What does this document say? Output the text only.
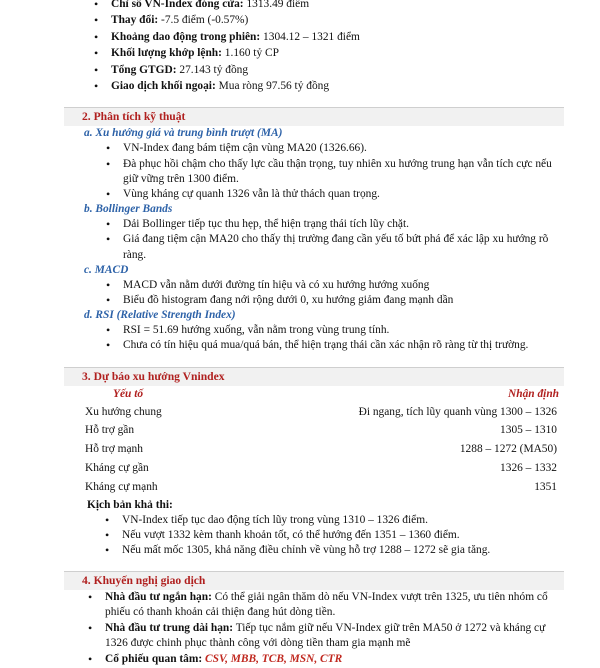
• Chỉ số VN-Index đóng cửa: 1313.49 điểm
• Thay đổi: -7.5 điểm (-0.57%)
• Khoảng dao động trong phiên: 1304.12 – 1321 điểm
• Khối lượng khớp lệnh: 1.160 tỷ CP
• Tổng GTGD: 27.143 tỷ đồng
• Giao dịch khối ngoại: Mua ròng 97.56 tỷ đồng
2. Phân tích kỹ thuật
a. Xu hướng giá và trung bình trượt (MA)
• VN-Index đang bám tiệm cận vùng MA20 (1326.66).
• Đà phục hồi chậm cho thấy lực cầu thận trọng, tuy nhiên xu hướng trung hạn vẫn tích cực nếu giữ vững trên 1300 điểm.
• Vùng kháng cự quanh 1326 vẫn là thử thách quan trọng.
b. Bollinger Bands
• Dải Bollinger tiếp tục thu hẹp, thể hiện trạng thái tích lũy chặt.
• Giá đang tiệm cận MA20 cho thấy thị trường đang cần yếu tố bứt phá để xác lập xu hướng rõ ràng.
c. MACD
• MACD vẫn nằm dưới đường tín hiệu và có xu hướng hướng xuống
• Biểu đồ histogram đang nới rộng dưới 0, xu hướng giảm đang mạnh dần
d. RSI (Relative Strength Index)
• RSI = 51.69 hướng xuống, vẫn nằm trong vùng trung tính.
• Chưa có tín hiệu quá mua/quá bán, thể hiện trạng thái cần xác nhận rõ ràng từ thị trường.
3. Dự báo xu hướng Vnindex
Yếu tố	Nhận định
Xu hướng chung	Đi ngang, tích lũy quanh vùng 1300 – 1326
Hỗ trợ gần	1305 – 1310
Hỗ trợ mạnh	1288 – 1272 (MA50)
Kháng cự gần	1326 – 1332
Kháng cự mạnh	1351
Kịch bản khả thi:
• VN-Index tiếp tục dao động tích lũy trong vùng 1310 – 1326 điểm.
• Nếu vượt 1332 kèm thanh khoản tốt, có thể hướng đến 1351 – 1360 điểm.
• Nếu mất mốc 1305, khả năng điều chỉnh về vùng hỗ trợ 1288 – 1272 sẽ gia tăng.
4. Khuyến nghị giao dịch
• Nhà đầu tư ngắn hạn: Có thể giải ngân thăm dò nếu VN-Index vượt trên 1325, ưu tiên nhóm cổ phiếu có thanh khoản cải thiện đang hút dòng tiền.
• Nhà đầu tư trung dài hạn: Tiếp tục nắm giữ nếu VN-Index giữ trên MA50 ở 1272 và kháng cự 1326 được chinh phục thành công với dòng tiền tham gia mạnh mẽ
• Cổ phiếu quan tâm: CSV, MBB, TCB, MSN, CTR
